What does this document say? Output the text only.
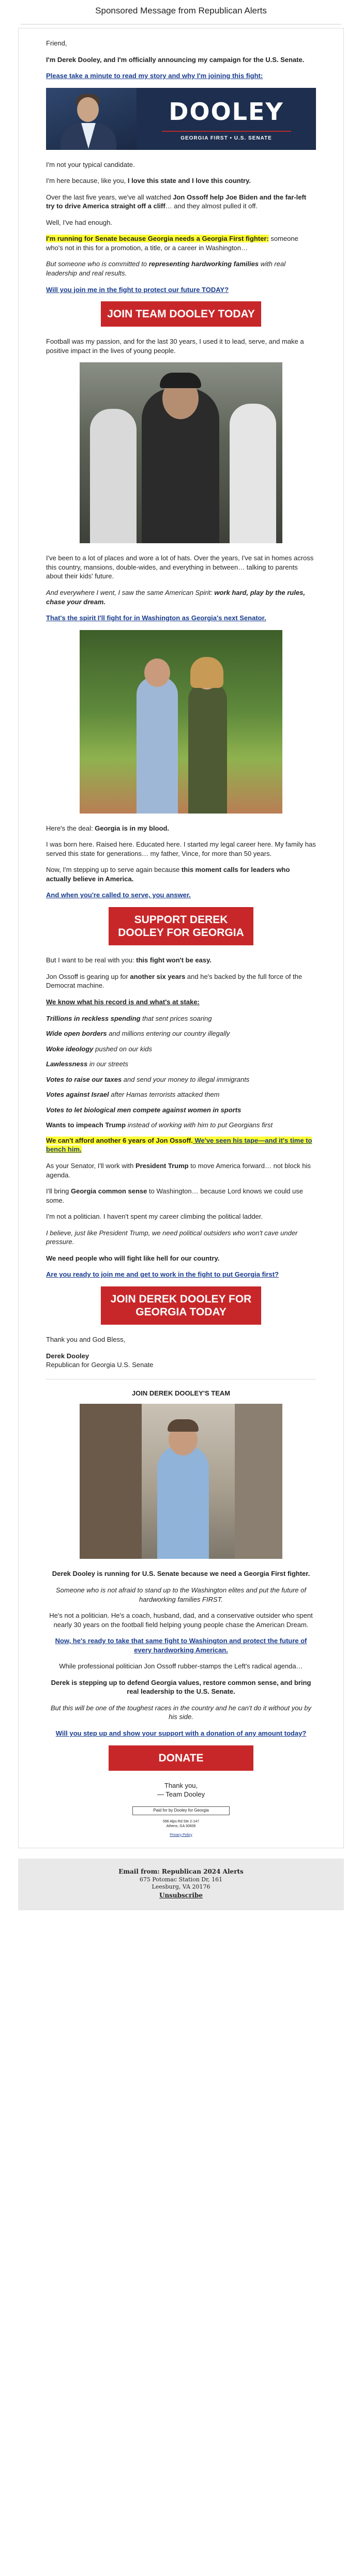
Sponsored Message from Republican Alerts

Friend,

I'm Derek Dooley, and I'm officially announcing my campaign for the U.S. Senate.

Please take a minute to read my story and why I'm joining this fight:

DOOLEY
GEORGIA FIRST • U.S. SENATE

I'm not your typical candidate.

I'm here because, like you, I love this state and I love this country.

Over the last five years, we've all watched Jon Ossoff help Joe Biden and the far-left try to drive America straight off a cliff… and they almost pulled it off.

Well, I've had enough.

I'm running for Senate because Georgia needs a Georgia First fighter: someone who's not in this for a promotion, a title, or a career in Washington…

But someone who is committed to representing hardworking families with real leadership and real results.

Will you join me in the fight to protect our future TODAY?

JOIN TEAM DOOLEY TODAY

Football was my passion, and for the last 30 years, I used it to lead, serve, and make a positive impact in the lives of young people.

I've been to a lot of places and wore a lot of hats. Over the years, I've sat in homes across this country, mansions, double-wides, and everything in between… talking to parents about their kids' future.

And everywhere I went, I saw the same American Spirit: work hard, play by the rules, chase your dream.

That's the spirit I'll fight for in Washington as Georgia's next Senator.

Here's the deal: Georgia is in my blood.

I was born here. Raised here. Educated here. I started my legal career here. My family has served this state for generations… my father, Vince, for more than 50 years.

Now, I'm stepping up to serve again because this moment calls for leaders who actually believe in America.

And when you're called to serve, you answer.

SUPPORT DEREK DOOLEY FOR GEORGIA

But I want to be real with you: this fight won't be easy.

Jon Ossoff is gearing up for another six years and he's backed by the full force of the Democrat machine.

We know what his record is and what's at stake:

Trillions in reckless spending that sent prices soaring
Wide open borders and millions entering our country illegally
Woke ideology pushed on our kids
Lawlessness in our streets
Votes to raise our taxes and send your money to illegal immigrants
Votes against Israel after Hamas terrorists attacked them
Votes to let biological men compete against women in sports
Wants to impeach Trump instead of working with him to put Georgians first

We can't afford another 6 years of Jon Ossoff. We've seen his tape—and it's time to bench him.

As your Senator, I'll work with President Trump to move America forward… not block his agenda.

I'll bring Georgia common sense to Washington… because Lord knows we could use some.

I'm not a politician. I haven't spent my career climbing the political ladder.

I believe, just like President Trump, we need political outsiders who won't cave under pressure.

We need people who will fight like hell for our country.

Are you ready to join me and get to work in the fight to put Georgia first?

JOIN DEREK DOOLEY FOR GEORGIA TODAY

Thank you and God Bless,

Derek Dooley
Republican for Georgia U.S. Senate

JOIN DEREK DOOLEY'S TEAM

Derek Dooley is running for U.S. Senate because we need a Georgia First fighter.

Someone who is not afraid to stand up to the Washington elites and put the future of hardworking families FIRST.

He's not a politician. He's a coach, husband, dad, and a conservative outsider who spent nearly 30 years on the football field helping young people chase the American Dream.

Now, he's ready to take that same fight to Washington and protect the future of every hardworking American.

While professional politician Jon Ossoff rubber-stamps the Left's radical agenda…

Derek is stepping up to defend Georgia values, restore common sense, and bring real leadership to the U.S. Senate.

But this will be one of the toughest races in the country and he can't do it without you by his side.

Will you step up and show your support with a donation of any amount today?

DONATE

Thank you,
— Team Dooley

Paid for by Dooley for Georgia
596 Alps Rd Ste 2-147
Athens, GA 30606
Privacy Policy
Email from: Republican 2024 Alerts
675 Potomac Station Dr, 161
Leesburg, VA 20176
Unsubscribe
